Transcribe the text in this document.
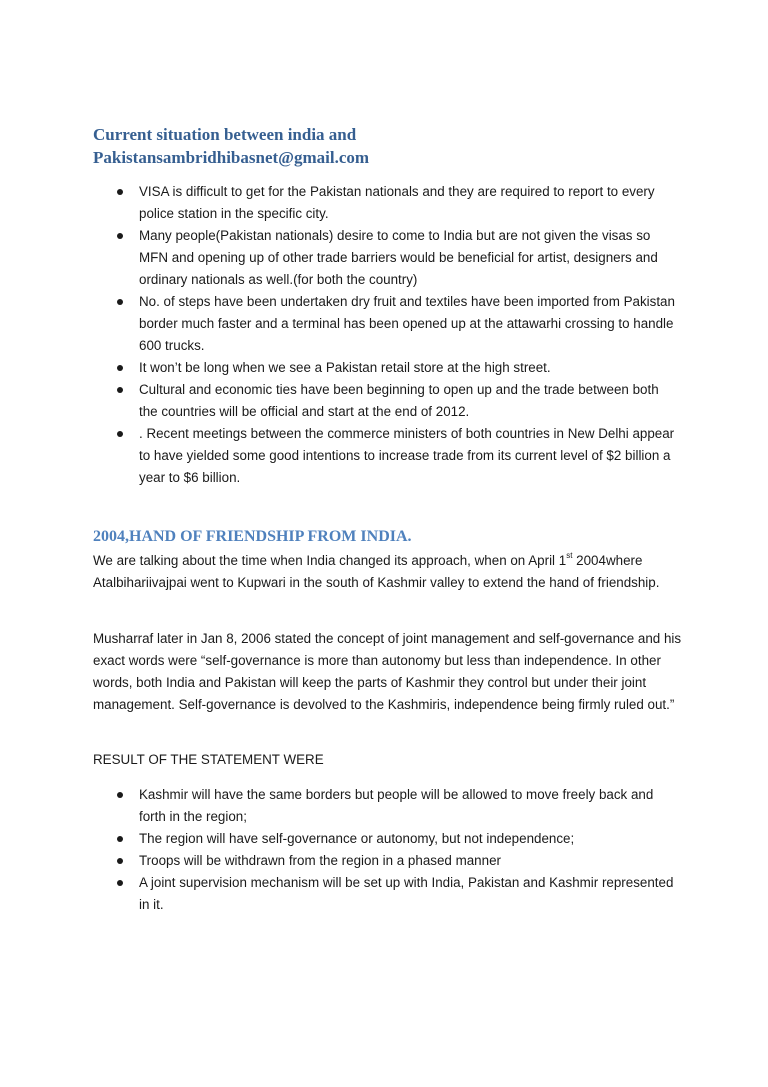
Current situation between india and
Pakistansambridhibasnet@gmail.com
VISA is difficult to get for the Pakistan nationals and they are required to report to every police station in the specific city.
Many people(Pakistan nationals) desire to come to India but are not given the visas so MFN and opening up of other trade barriers would be beneficial for artist, designers and ordinary nationals as well.(for both the country)
No. of steps have been undertaken dry fruit and textiles have been imported from Pakistan border much faster and a terminal has been opened up at the attawarhi crossing to handle 600 trucks.
It won’t be long when we see a Pakistan retail store at the high street.
Cultural and economic ties have been beginning to open up and the trade between both the countries will be official and start at the end of 2012.
. Recent meetings between the commerce ministers of both countries in New Delhi appear to have yielded some good intentions to increase trade from its current level of $2 billion a year to $6 billion.
2004,HAND OF FRIENDSHIP FROM INDIA.

We are talking about the time when India changed its approach, when on April 1st 2004where Atalbihariivajpai went to Kupwari in the south of Kashmir valley to extend the hand of friendship.

Musharraf later in Jan 8, 2006 stated the concept of joint management and self-governance and his exact words were “self-governance is more than autonomy but less than independence. In other words, both India and Pakistan will keep the parts of Kashmir they control but under their joint management. Self-governance is devolved to the Kashmiris, independence being firmly ruled out.”

RESULT OF THE STATEMENT WERE

Kashmir will have the same borders but people will be allowed to move freely back and forth in the region;
The region will have self-governance or autonomy, but not independence;
Troops will be withdrawn from the region in a phased manner
A joint supervision mechanism will be set up with India, Pakistan and Kashmir represented in it.
